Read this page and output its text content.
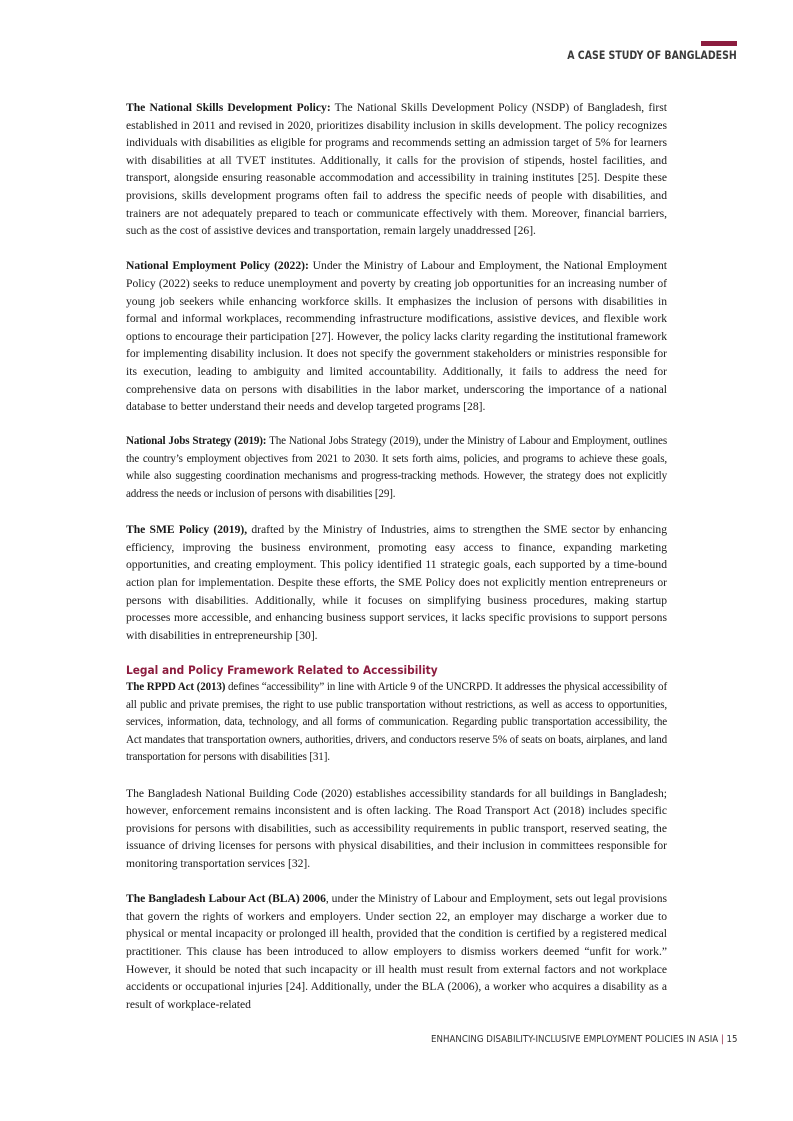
A CASE STUDY OF BANGLADESH

The National Skills Development Policy: The National Skills Development Policy (NSDP) of Bangladesh, first established in 2011 and revised in 2020, prioritizes disability inclusion in skills development. The policy recognizes individuals with disabilities as eligible for programs and recommends setting an admission target of 5% for learners with disabilities at all TVET institutes. Additionally, it calls for the provision of stipends, hostel facilities, and transport, alongside ensuring reasonable accommodation and accessibility in training institutes [25]. Despite these provisions, skills development programs often fail to address the specific needs of people with disabilities, and trainers are not adequately prepared to teach or communicate effectively with them. Moreover, financial barriers, such as the cost of assistive devices and transportation, remain largely unaddressed [26].

National Employment Policy (2022): Under the Ministry of Labour and Employment, the National Employment Policy (2022) seeks to reduce unemployment and poverty by creating job opportunities for an increasing number of young job seekers while enhancing workforce skills. It emphasizes the inclusion of persons with disabilities in formal and informal workplaces, recommending infrastructure modifications, assistive devices, and flexible work options to encourage their participation [27]. However, the policy lacks clarity regarding the institutional framework for implementing disability inclusion. It does not specify the government stakeholders or ministries responsible for its execution, leading to ambiguity and limited accountability. Additionally, it fails to address the need for comprehensive data on persons with disabilities in the labor market, underscoring the importance of a national database to better understand their needs and develop targeted programs [28].

National Jobs Strategy (2019): The National Jobs Strategy (2019), under the Ministry of Labour and Employment, outlines the country’s employment objectives from 2021 to 2030. It sets forth aims, policies, and programs to achieve these goals, while also suggesting coordination mechanisms and progress-tracking methods. However, the strategy does not explicitly address the needs or inclusion of persons with disabilities [29].

The SME Policy (2019), drafted by the Ministry of Industries, aims to strengthen the SME sector by enhancing efficiency, improving the business environment, promoting easy access to finance, expanding marketing opportunities, and creating employment. This policy identified 11 strategic goals, each supported by a time-bound action plan for implementation. Despite these efforts, the SME Policy does not explicitly mention entrepreneurs or persons with disabilities. Additionally, while it focuses on simplifying business procedures, making startup processes more accessible, and enhancing business support services, it lacks specific provisions to support persons with disabilities in entrepreneurship [30].

Legal and Policy Framework Related to Accessibility

The RPPD Act (2013) defines “accessibility” in line with Article 9 of the UNCRPD. It addresses the physical accessibility of all public and private premises, the right to use public transportation without restrictions, as well as access to opportunities, services, information, data, technology, and all forms of communication. Regarding public transportation accessibility, the Act mandates that transportation owners, authorities, drivers, and conductors reserve 5% of seats on boats, airplanes, and land transportation for persons with disabilities [31].

The Bangladesh National Building Code (2020) establishes accessibility standards for all buildings in Bangladesh; however, enforcement remains inconsistent and is often lacking. The Road Transport Act (2018) includes specific provisions for persons with disabilities, such as accessibility requirements in public transport, reserved seating, the issuance of driving licenses for persons with physical disabilities, and their inclusion in committees responsible for monitoring transportation services [32].

The Bangladesh Labour Act (BLA) 2006, under the Ministry of Labour and Employment, sets out legal provisions that govern the rights of workers and employers. Under section 22, an employer may discharge a worker due to physical or mental incapacity or prolonged ill health, provided that the condition is certified by a registered medical practitioner. This clause has been introduced to allow employers to dismiss workers deemed “unfit for work.” However, it should be noted that such incapacity or ill health must result from external factors and not workplace accidents or occupational injuries [24]. Additionally, under the BLA (2006), a worker who acquires a disability as a result of workplace-related

ENHANCING DISABILITY-INCLUSIVE EMPLOYMENT POLICIES IN ASIA | 15
